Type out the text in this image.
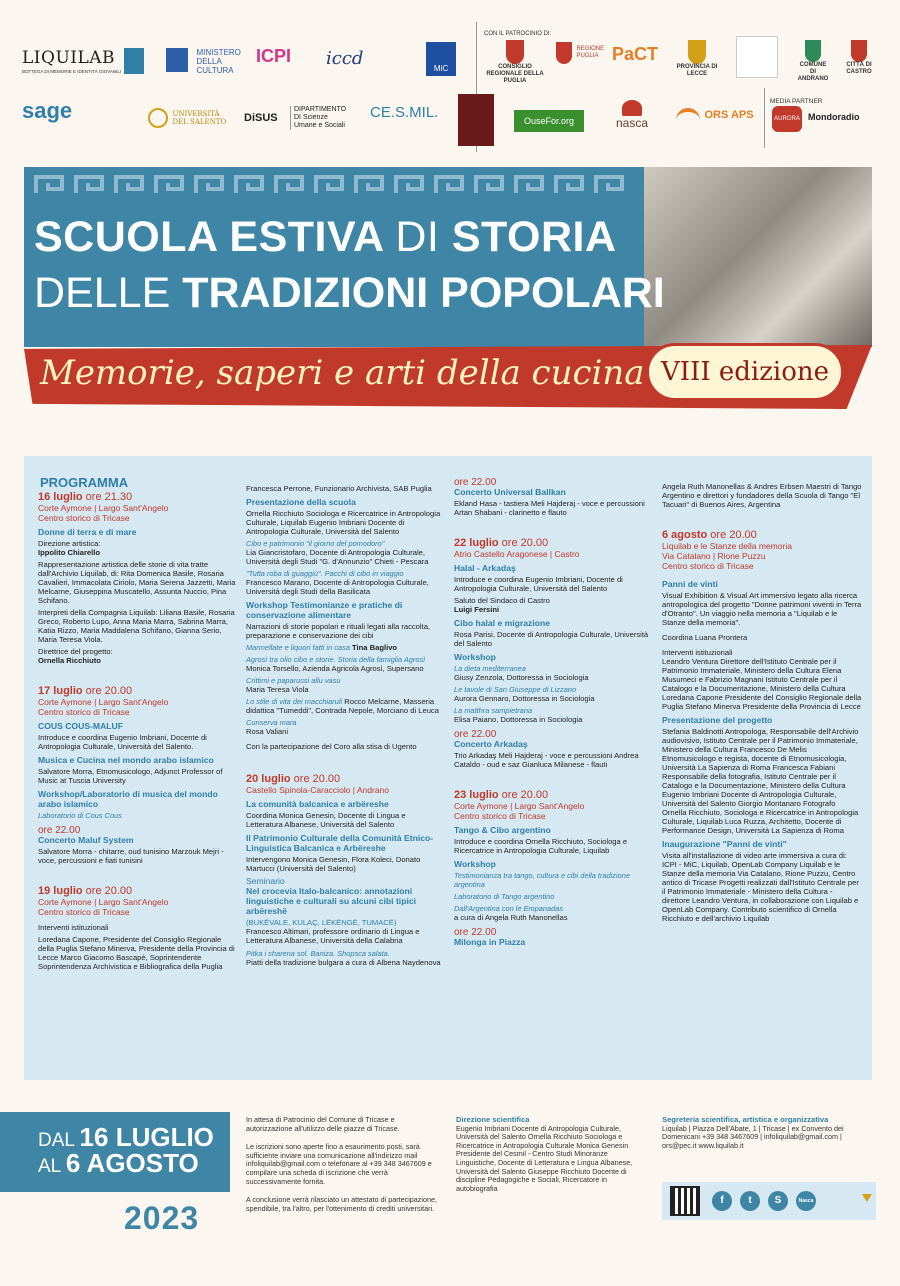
LIQUILAB
BOTTEGA DI MEMORIE E IDENTITÀ GIOVANILI
MINISTERO DELLA CULTURA
ICPI iccd	MiC
CON IL PATROCINIO DI:
CONSIGLIO REGIONALE DELLA PUGLIA
REGIONE PUGLIA PaCT
PROVINCIA DI LECCE
COMUNE DI ANDRANO
CITTÀ DI CASTRO
sage	UNIVERSITÀ DEL SALENTO DiSUS
DIPARTIMENTO DI Scienze Umane e Sociali
CE.S.MIL.	OuseFor.org	nasca
ORS APS
MEDIA PARTNER
AURORA Mondoradio
SCUOLA ESTIVA DI STORIA
DELLE TRADIZIONI POPOLARI
Memorie, saperi e arti della cucina VIII edizione
PROGRAMMA
16 luglio ore 21.30
Corte Aymone | Largo Sant'Angelo
Centro storico di Tricase
Donne di terra e di mare

Direzione artistica:
Ippolito Chiarello

Rappresentazione artistica delle storie di vita tratte dall'Archivio Liquilab, di: Rita Domenica Basile, Rosaria Cavalieri, Immacolata Ciriolo, Maria Serena Jazzetti, Maria Melcarne, Giuseppina Muscatello, Assunta Nuccio, Pina Schifano.

Interpreti della Compagnia Liquilab: Liliana Basile, Rosaria Greco, Roberto Lupo, Anna Maria Marra, Sabrina Marra, Katia Rizzo, Maria Maddalena Schifano, Gianna Serio, Maria Teresa Viola.

Direttrice del progetto:
Ornella Ricchiuto

17 luglio ore 20.00
Corte Aymone | Largo Sant'Angelo
Centro storico di Tricase
COUS COUS-MALUF

Introduce e coordina Eugenio Imbriani, Docente di Antropologia Culturale, Università del Salento.

Musica e Cucina nel mondo arabo islamico

Salvatore Morra, Etnomusicologo, Adjunct Professor of Music at Tuscia University

Workshop/Laboratorio di musica del mondo arabo islamico
Laboratorio di Cous Cous
ore 22.00
Concerto Maluf System

Salvatore Morra - chitarre, oud tunisino Marzouk Mejri - voce, percussioni e fiati tunisini

19 luglio ore 20.00
Corte Aymone | Largo Sant'Angelo
Centro storico di Tricase

Interventi istituzionali

Loredana Capone, Presidente del Consiglio Regionale della Puglia Stefano Minerva, Presidente della Provincia di Lecce Marco Giacomo Bascapè, Soprintendente Soprintendenza Archivistica e Bibliografica della Puglia

Francesca Perrone, Funzionario Archivista, SAB Puglia

Presentazione della scuola

Ornella Ricchiuto Sociologa e Ricercatrice in Antropologia Culturale, Liquilab Eugenio Imbriani Docente di Antropologia Culturale, Università del Salento

Cibo e patrimonio "il giorno del pomodoro"

Lia Giancristofaro, Docente di Antropologia Culturale, Università degli Studi "G. d'Annunzio" Chieti - Pescara

"Tutta roba di guaggiù". Pacchi di cibo in viaggio

Francesco Marano, Docente di Antropologia Culturale, Università degli Studi della Basilicata

Workshop Testimonianze e pratiche di conservazione alimentare

Narrazioni di storie popolari e rituali legati alla raccolta, preparazione e conservazione dei cibi

Marmellate e liquori fatti in casa Tina Baglivo
Agrosì tra olio cibo e storie. Storia della famiglia Agrosì

Monica Torsello, Azienda Agricola Agrosì, Supersano

Crittimi e paparussi allu vasu

Maria Teresa Viola

Lo stile di vita dei macchiaruli Rocco Melcarne, Masseria didattica "Tumeddi", Contrada Nepole, Morciano di Leuca

Cunserva mara

Rosa Valiani

Con la partecipazione del Coro alla stisa di Ugento

20 luglio ore 20.00
Castello Spinola-Caracciolo | Andrano
La comunità balcanica e arbëreshe

Coordina Monica Genesin, Docente di Lingua e Letteratura Albanese, Università del Salento

Il Patrimonio Culturale della Comunità Etnico-Linguistica Balcanica e Arbëreshe

Intervengono Monica Genesin, Flora Koleci, Donato Martucci (Università del Salento)

Seminario
Nel crocevia Italo-balcanico: annotazioni linguistiche e culturali su alcuni cibi tipici arbëreshë
(BUKËVALE, KULAÇ, LËKËNGË, TUMACË)

Francesco Altimari, professore ordinario di Lingua e Letteratura Albanese, Università della Calabria

Pitka i sharena sol. Baniza. Shopsca salata.

Piatti della tradizione bulgara a cura di Albena Naydenova

ore 22.00
Concerto Universal Ballkan

Ekland Hasa - tastiera Meli Hajderaj - voce e percussioni Artan Shabani - clarinetto e flauto

22 luglio ore 20.00
Atrio Castello Aragonese | Castro
Halal - Arkadaş

Introduce e coordina Eugenio Imbriani, Docente di Antropologia Culturale, Università del Salento

Saluto del Sindaco di Castro
Luigi Fersini

Cibo halal e migrazione

Rosa Parisi, Docente di Antropologia Culturale, Università del Salento

Workshop
La dieta mediterranea

Giusy Zenzola, Dottoressa in Sociologia

Le tavole di San Giuseppe di Lizzano

Aurora Gennaro, Dottoressa in Sociologia

La matthra sampietrana

Elisa Paiano, Dottoressa in Sociologia

ore 22.00
Concerto Arkadaş

Trio Arkadaş Meli Hajderaj - voce e percussioni Andrea Cataldo - oud e saz Gianluca Milanese - flauti

23 luglio ore 20.00
Corte Aymone | Largo Sant'Angelo
Centro storico di Tricase
Tango & Cibo argentino

Introduce e coordina Ornella Ricchiuto, Sociologa e Ricercatrice in Antropologia Culturale, Liquilab

Workshop
Testimonianza tra tango, cultura e cibi della tradizione argentina
Laboratorio di Tango argentino
Dall'Argentina con le Empanadas

a cura di Angela Ruth Manonellas

ore 22.00
Milonga in Piazza

Angela Ruth Manonellas & Andres Erbsen Maestri di Tango Argentino e direttori y fundadores della Scuola di Tango "El Tacuari" di Buenos Aires, Argentina

6 agosto ore 20.00
Liquilab e le Stanze della memoria
Via Catalano | Rione Puzzu
Centro storico di Tricase
Panni de vinti

Visual Exhibition & Visual Art immersivo legato alla ricerca antropologica del progetto "Donne patrimoni viventi in Terra d'Otranto". Un viaggio nella memoria a "Liquilab e le Stanze della memoria".

Coordina Luana Prontera

Interventi istituzionali

Leandro Ventura Direttore dell'Istituto Centrale per il Patrimonio Immateriale, Ministero della Cultura Elena Musumeci e Fabrizio Magnani Istituto Centrale per il Catalogo e la Documentazione, Ministero della Cultura Loredana Capone Presidente del Consiglio Regionale della Puglia Stefano Minerva Presidente della Provincia di Lecce

Presentazione del progetto

Stefania Baldinotti Antropologa, Responsabile dell'Archivio audiovisivo, Istituto Centrale per il Patrimonio Immateriale, Ministero della Cultura Francesco De Melis Etnomusicologo e regista, docente di Etnomusicologia, Università La Sapienza di Roma Francesca Fabiani Responsabile della fotografia, Istituto Centrale per il Catalogo e la Documentazione, Ministero della Cultura Eugenio Imbriani Docente di Antropologia Culturale, Università del Salento Giorgio Montanaro Fotografo Ornella Ricchiuto, Sociologa e Ricercatrice in Antropologia Culturale, Liquilab Luca Ruzza, Architetto, Docente di Performance Design, Università La Sapienza di Roma

Inaugurazione "Panni de vinti"

Visita all'installazione di video arte immersiva a cura di: ICPI - MiC, Liquilab, OpenLab Company Liquilab e le Stanze della memoria Via Catalano, Rione Puzzu, Centro antico di Tricase Progetti realizzati dall'Istituto Centrale per il Patrimonio Immateriale - Ministero della Cultura - direttore Leandro Ventura, in collaborazione con Liquilab e OpenLab Company. Contributo scientifico di Ornella Ricchiuto e dell'archivio Liquilab

DAL 16 LUGLIO
AL 6 AGOSTO
2023

In attesa di Patrocinio del Comune di Tricase e autorizzazione all'utilizzo delle piazze di Tricase.

Le iscrizioni sono aperte fino a esaurimento posti, sarà sufficiente inviare una comunicazione all'indirizzo mail infoliquilab@gmail.com o telefonare al +39 348 3467609 e compilare una scheda di iscrizione che verrà successivamente fornita.

A conclusione verrà rilasciato un attestato di partecipazione, spendibile, tra l'altro, per l'ottenimento di crediti universitari.

Direzione scientifica

Eugenio Imbriani Docente di Antropologia Culturale, Università del Salento Ornella Ricchiuto Sociologa e Ricercatrice in Antropologia Culturale Monica Genesin Presidente del Cesmil - Centro Studi Minoranze Linguistiche, Docente di Letteratura e Lingua Albanese, Università del Salento Giuseppe Ricchiuto Docente di discipline Pedagogiche e Sociali, Ricercatore in autobiografia

Segreteria scientifica, artistica e organizzativa

Liquilab | Piazza Dell'Abate, 1 | Tricase | ex Convento dei Domenicani +39 348 3467609 | infoliquilab@gmail.com | ors@pec.it www.liquilab.it

f	t	S	Nasca
